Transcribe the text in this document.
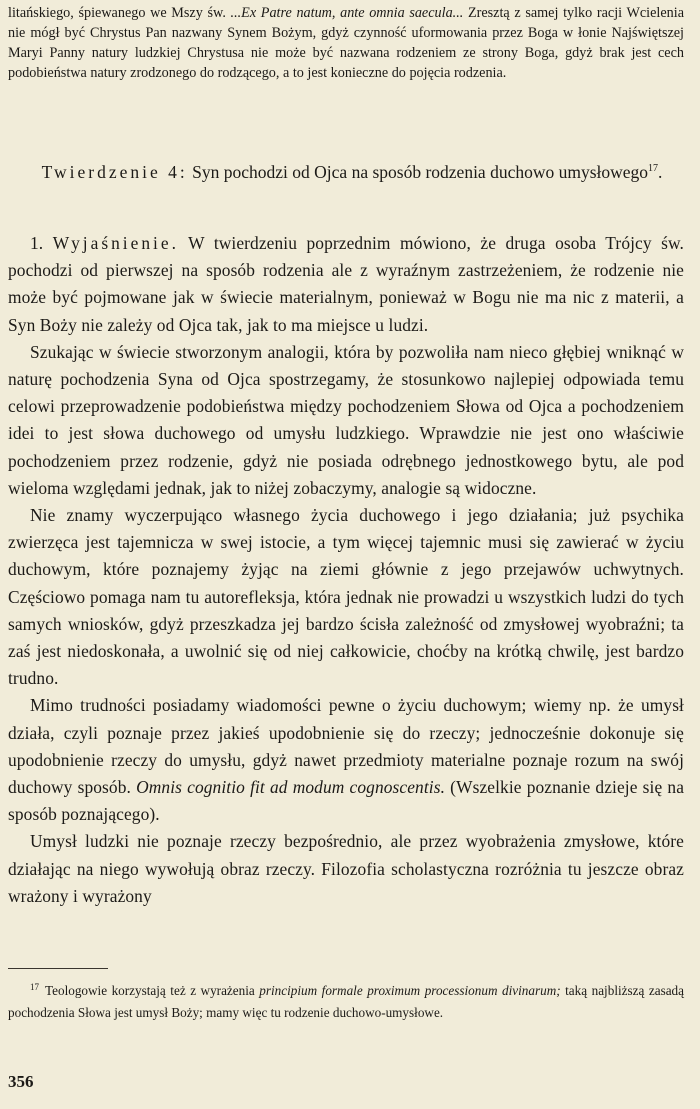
litańskiego, śpiewanego we Mszy św. ...Ex Patre natum, ante omnia saecula... Zresztą z samej tylko racji Wcielenia nie mógł być Chrystus Pan nazwany Synem Bożym, gdyż czynność uformowania przez Boga w łonie Najświętszej Maryi Panny natury ludzkiej Chrystusa nie może być nazwana rodzeniem ze strony Boga, gdyż brak jest cech podobieństwa natury zrodzonego do rodzącego, a to jest konieczne do pojęcia rodzenia.

Twierdzenie 4: Syn pochodzi od Ojca na sposób rodzenia duchowo umysłowego$^{17}$.

1. Wyjaśnienie. W twierdzeniu poprzednim mówiono, że druga osoba Trójcy św. pochodzi od pierwszej na sposób rodzenia ale z wyraźnym zastrzeżeniem, że rodzenie nie może być pojmowane jak w świecie materialnym, ponieważ w Bogu nie ma nic z materii, a Syn Boży nie zależy od Ojca tak, jak to ma miejsce u ludzi.

Szukając w świecie stworzonym analogii, która by pozwoliła nam nieco głębiej wniknąć w naturę pochodzenia Syna od Ojca spostrzegamy, że stosunkowo najlepiej odpowiada temu celowi przeprowadzenie podobieństwa między pochodzeniem Słowa od Ojca a pochodzeniem idei to jest słowa duchowego od umysłu ludzkiego. Wprawdzie nie jest ono właściwie pochodzeniem przez rodzenie, gdyż nie posiada odrębnego jednostkowego bytu, ale pod wieloma względami jednak, jak to niżej zobaczymy, analogie są widoczne.

Nie znamy wyczerpująco własnego życia duchowego i jego działania; już psychika zwierzęca jest tajemnicza w swej istocie, a tym więcej tajemnic musi się zawierać w życiu duchowym, które poznajemy żyjąc na ziemi głównie z jego przejawów uchwytnych. Częściowo pomaga nam tu autorefleksja, która jednak nie prowadzi u wszystkich ludzi do tych samych wniosków, gdyż przeszkadza jej bardzo ścisła zależność od zmysłowej wyobraźni; ta zaś jest niedoskonała, a uwolnić się od niej całkowicie, choćby na krótką chwilę, jest bardzo trudno.

Mimo trudności posiadamy wiadomości pewne o życiu duchowym; wiemy np. że umysł działa, czyli poznaje przez jakieś upodobnienie się do rzeczy; jednocześnie dokonuje się upodobnienie rzeczy do umysłu, gdyż nawet przedmioty materialne poznaje rozum na swój duchowy sposób. Omnis cognitio fit ad modum cognoscentis. (Wszelkie poznanie dzieje się na sposób poznającego).

Umysł ludzki nie poznaje rzeczy bezpośrednio, ale przez wyobrażenia zmysłowe, które działając na niego wywołują obraz rzeczy. Filozofia scholastyczna rozróżnia tu jeszcze obraz wrażony i wyrażony

$^{17}$ Teologowie korzystają też z wyrażenia principium formale proximum processionum divinarum; taką najbliższą zasadą pochodzenia Słowa jest umysł Boży; mamy więc tu rodzenie duchowo-umysłowe.

356
